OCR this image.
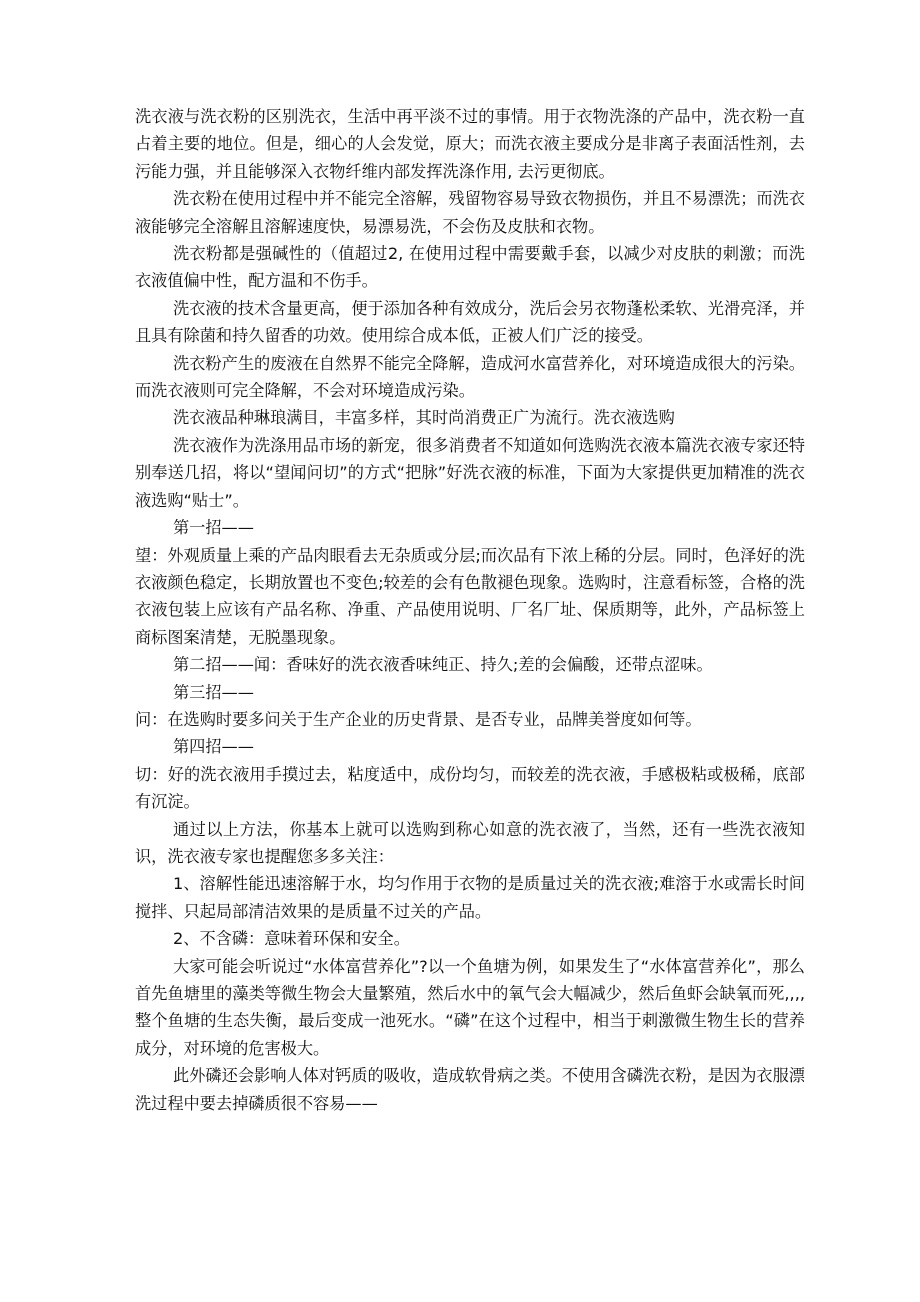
洗衣液与洗衣粉的区别洗衣，生活中再平淡不过的事情。用于衣物洗涤的产品中，洗衣粉一直占着主要的地位。但是，细心的人会发觉，原大；而洗衣液主要成分是非离子表面活性剂，去污能力强，并且能够深入衣物纤维内部发挥洗涤作用, 去污更彻底。

洗衣粉在使用过程中并不能完全溶解，残留物容易导致衣物损伤，并且不易漂洗；而洗衣液能够完全溶解且溶解速度快，易漂易洗，不会伤及皮肤和衣物。

洗衣粉都是强碱性的（值超过2, 在使用过程中需要戴手套，以减少对皮肤的刺激；而洗衣液值偏中性，配方温和不伤手。

洗衣液的技术含量更高，便于添加各种有效成分，洗后会另衣物蓬松柔软、光滑亮泽，并且具有除菌和持久留香的功效。使用综合成本低，正被人们广泛的接受。

洗衣粉产生的废液在自然界不能完全降解，造成河水富营养化，对环境造成很大的污染。而洗衣液则可完全降解，不会对环境造成污染。

洗衣液品种琳琅满目，丰富多样，其时尚消费正广为流行。洗衣液选购

洗衣液作为洗涤用品市场的新宠，很多消费者不知道如何选购洗衣液本篇洗衣液专家还特别奉送几招，将以“望闻问切”的方式“把脉”好洗衣液的标准，下面为大家提供更加精准的洗衣液选购“贴士”。

第一招——

望：外观质量上乘的产品肉眼看去无杂质或分层;而次品有下浓上稀的分层。同时，色泽好的洗衣液颜色稳定，长期放置也不变色;较差的会有色散褪色现象。选购时，注意看标签，合格的洗衣液包装上应该有产品名称、净重、产品使用说明、厂名厂址、保质期等，此外，产品标签上商标图案清楚，无脱墨现象。

第二招——闻：香味好的洗衣液香味纯正、持久;差的会偏酸，还带点涩味。

第三招——

问：在选购时要多问关于生产企业的历史背景、是否专业，品牌美誉度如何等。

第四招——

切：好的洗衣液用手摸过去，粘度适中，成份均匀，而较差的洗衣液，手感极粘或极稀，底部有沉淀。

通过以上方法，你基本上就可以选购到称心如意的洗衣液了，当然，还有一些洗衣液知识，洗衣液专家也提醒您多多关注：

1、溶解性能迅速溶解于水，均匀作用于衣物的是质量过关的洗衣液;难溶于水或需长时间搅拌、只起局部清洁效果的是质量不过关的产品。

2、不含磷：意味着环保和安全。

大家可能会听说过“水体富营养化”?以一个鱼塘为例，如果发生了“水体富营养化”，那么首先鱼塘里的藻类等微生物会大量繁殖，然后水中的氧气会大幅减少，然后鱼虾会缺氧而死,,,,整个鱼塘的生态失衡，最后变成一池死水。“磷”在这个过程中，相当于刺激微生物生长的营养成分，对环境的危害极大。

此外磷还会影响人体对钙质的吸收，造成软骨病之类。不使用含磷洗衣粉，是因为衣服漂洗过程中要去掉磷质很不容易——
